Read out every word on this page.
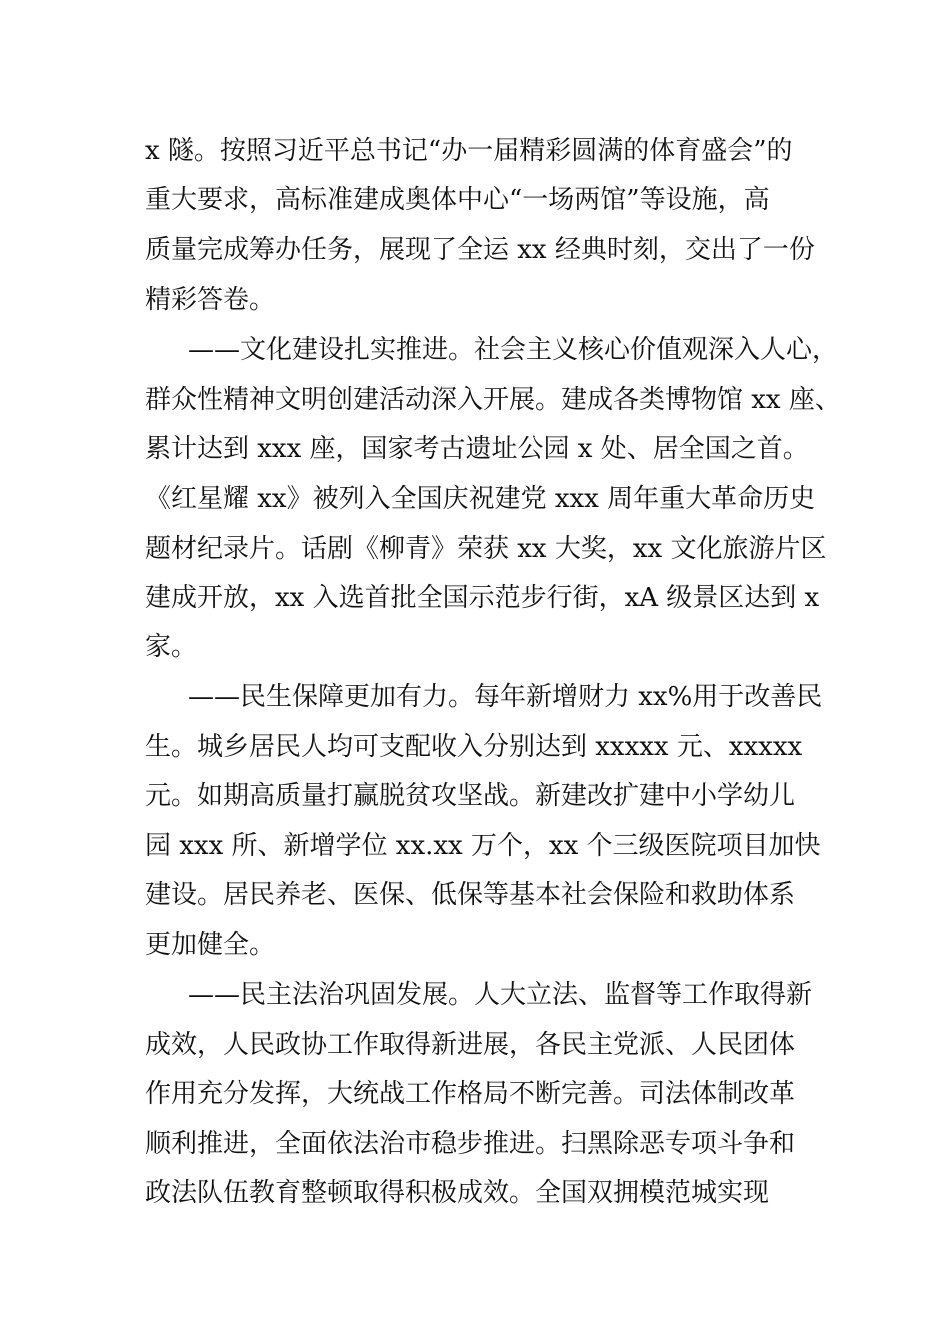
x 隧。按照习近平总书记“办一届精彩圆满的体育盛会”的
重大要求，高标准建成奥体中心“一场两馆”等设施，高
质量完成筹办任务，展现了全运 xx 经典时刻，交出了一份
精彩答卷。
——文化建设扎实推进。社会主义核心价值观深入人心，
群众性精神文明创建活动深入开展。建成各类博物馆 xx 座、
累计达到 xxx 座，国家考古遗址公园 x 处、居全国之首。
《红星耀 xx》被列入全国庆祝建党 xxx 周年重大革命历史
题材纪录片。话剧《柳青》荣获 xx 大奖，xx 文化旅游片区
建成开放，xx 入选首批全国示范步行街，xA 级景区达到 x
家。
——民生保障更加有力。每年新增财力 xx%用于改善民
生。城乡居民人均可支配收入分别达到 xxxxx 元、xxxxx
元。如期高质量打赢脱贫攻坚战。新建改扩建中小学幼儿
园 xxx 所、新增学位 xx.xx 万个，xx 个三级医院项目加快
建设。居民养老、医保、低保等基本社会保险和救助体系
更加健全。
——民主法治巩固发展。人大立法、监督等工作取得新
成效，人民政协工作取得新进展，各民主党派、人民团体
作用充分发挥，大统战工作格局不断完善。司法体制改革
顺利推进，全面依法治市稳步推进。扫黑除恶专项斗争和
政法队伍教育整顿取得积极成效。全国双拥模范城实现
